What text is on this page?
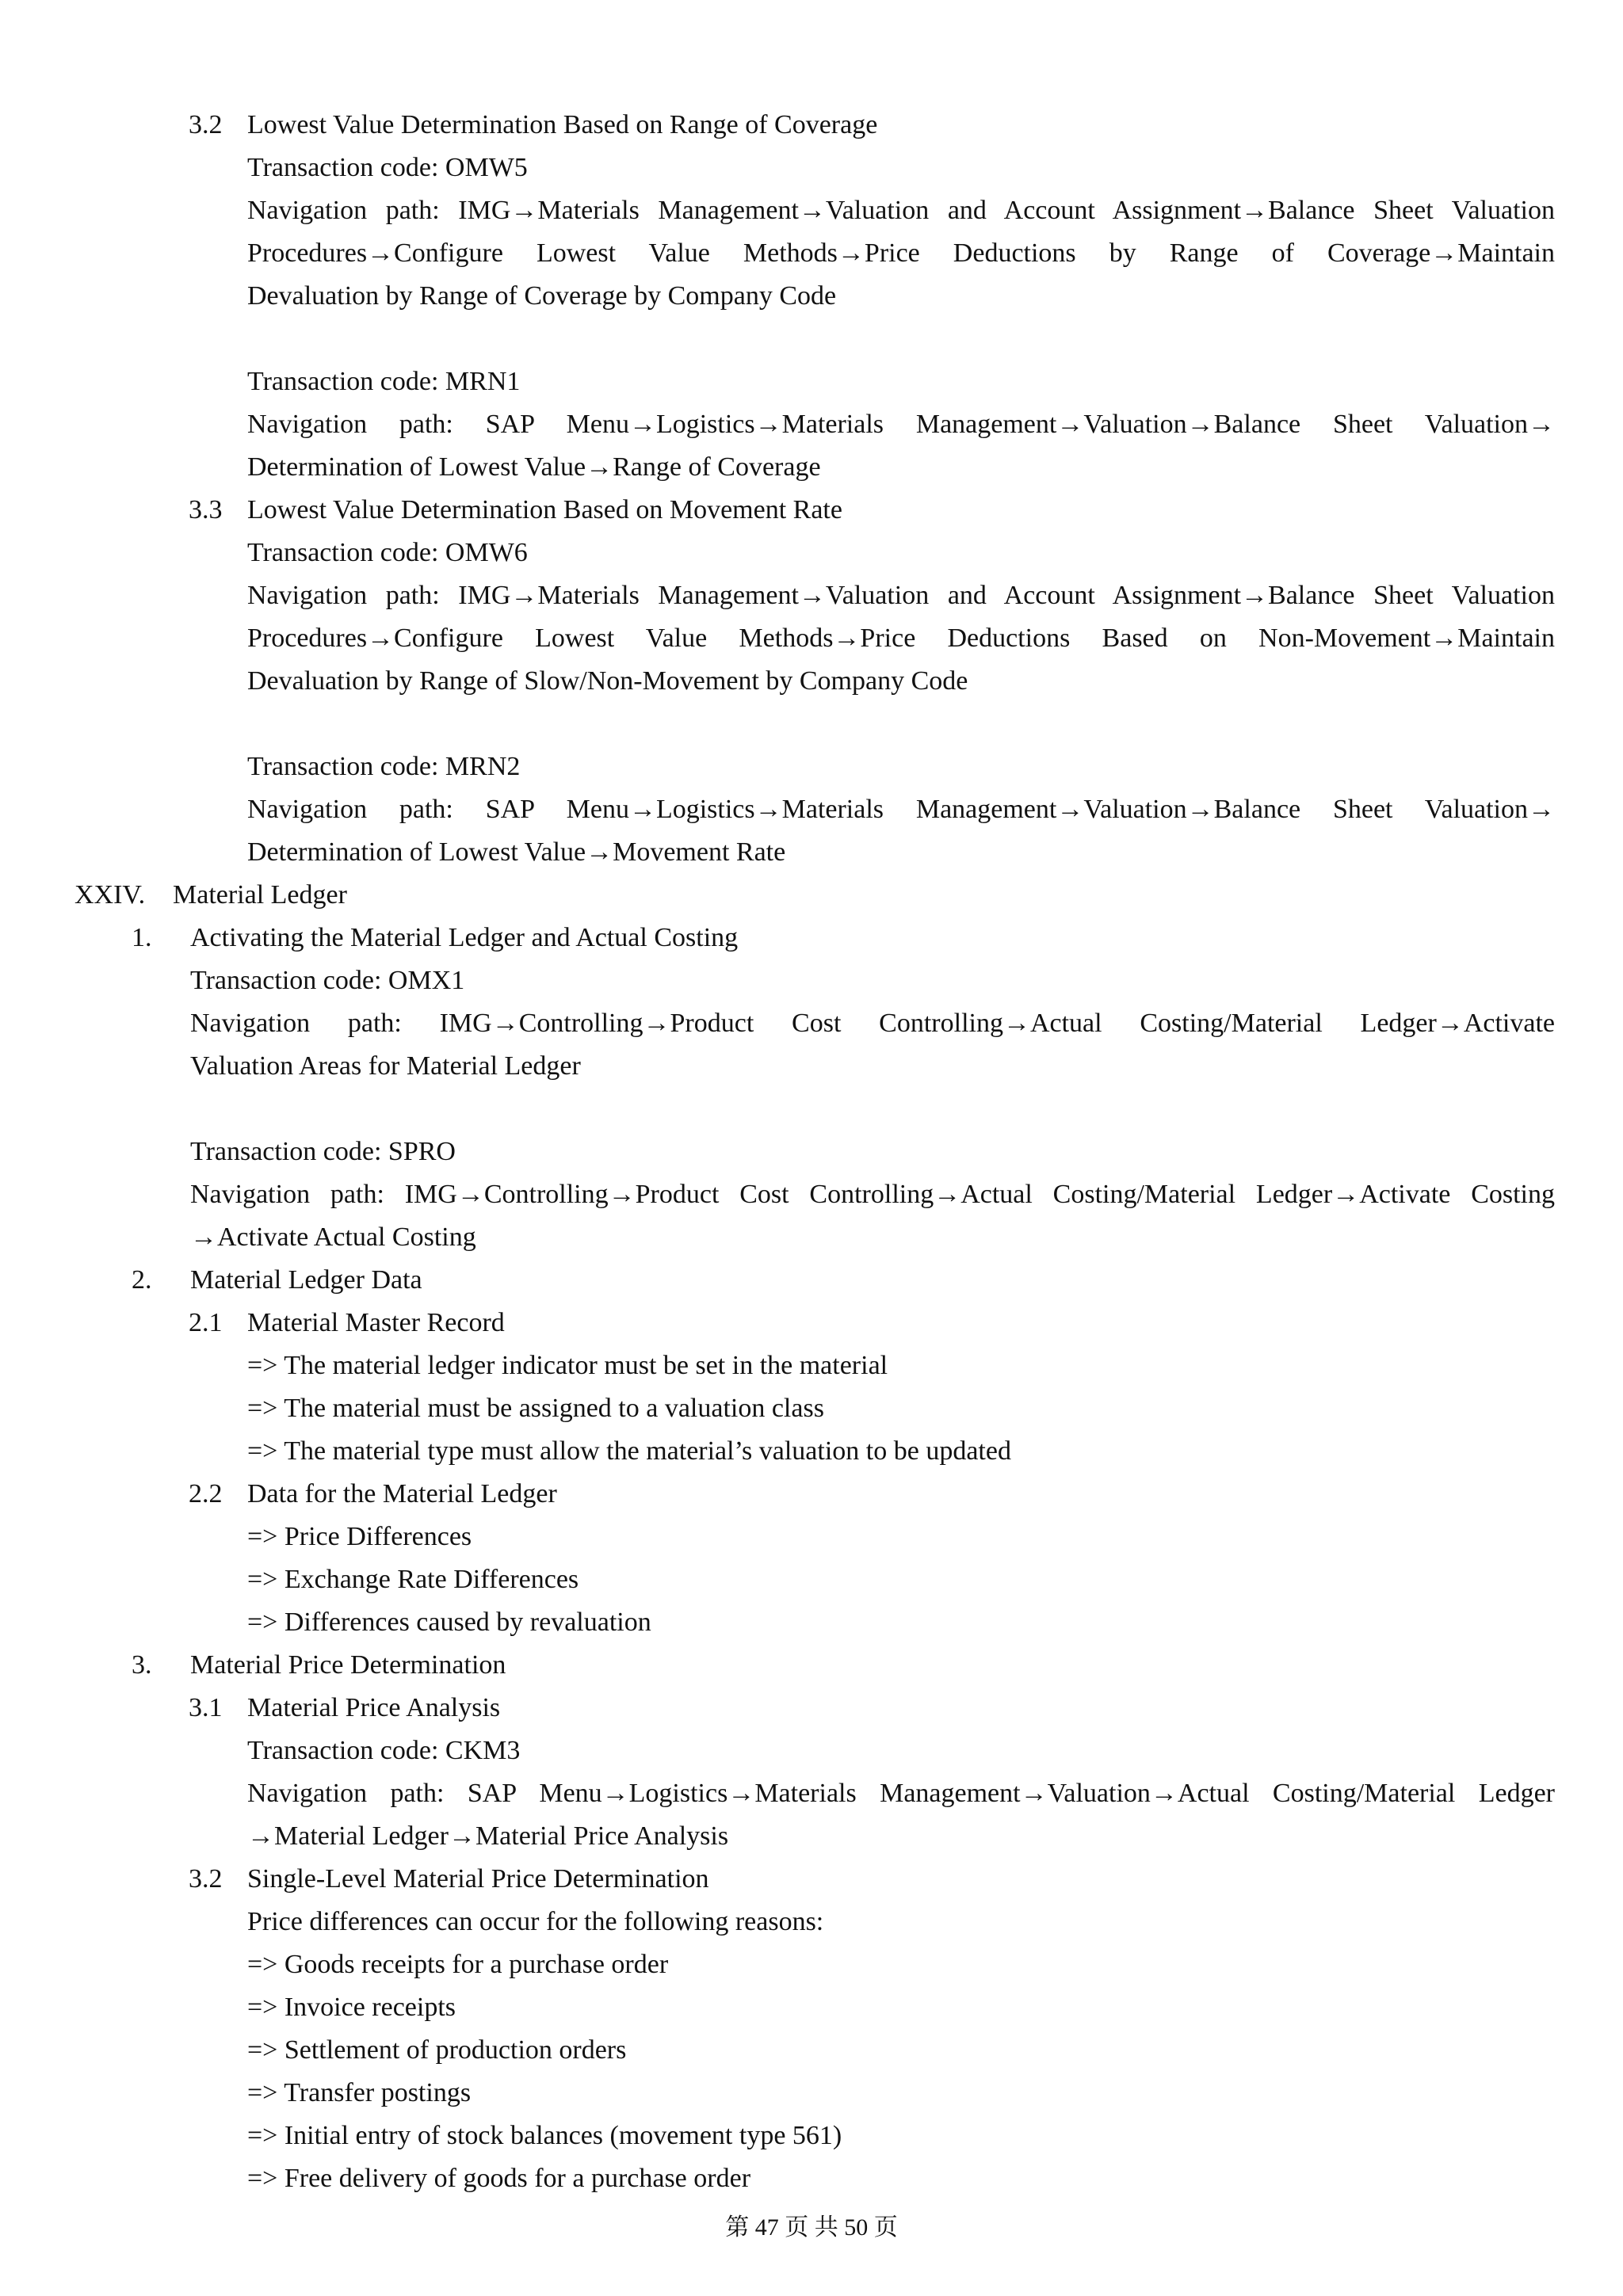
3.2 Lowest Value Determination Based on Range of Coverage
Transaction code: OMW5
Navigation path: IMG→Materials Management→Valuation and Account Assignment→Balance Sheet Valuation
Procedures→Configure Lowest Value Methods→Price Deductions by Range of Coverage→Maintain
Devaluation by Range of Coverage by Company Code
Transaction code: MRN1
Navigation path: SAP Menu→Logistics→Materials Management→Valuation→Balance Sheet Valuation→
Determination of Lowest Value→Range of Coverage
3.3 Lowest Value Determination Based on Movement Rate
Transaction code: OMW6
Navigation path: IMG→Materials Management→Valuation and Account Assignment→Balance Sheet Valuation
Procedures→Configure Lowest Value Methods→Price Deductions Based on Non-Movement→Maintain
Devaluation by Range of Slow/Non-Movement by Company Code
Transaction code: MRN2
Navigation path: SAP Menu→Logistics→Materials Management→Valuation→Balance Sheet Valuation→
Determination of Lowest Value→Movement Rate
XXIV. Material Ledger
1. Activating the Material Ledger and Actual Costing
Transaction code: OMX1
Navigation path: IMG→Controlling→Product Cost Controlling→Actual Costing/Material Ledger→Activate
Valuation Areas for Material Ledger
Transaction code: SPRO
Navigation path: IMG→Controlling→Product Cost Controlling→Actual Costing/Material Ledger→Activate Costing
→Activate Actual Costing
2. Material Ledger Data
2.1 Material Master Record
=> The material ledger indicator must be set in the material
=> The material must be assigned to a valuation class
=> The material type must allow the material’s valuation to be updated
2.2 Data for the Material Ledger
=> Price Differences
=> Exchange Rate Differences
=> Differences caused by revaluation
3. Material Price Determination
3.1 Material Price Analysis
Transaction code: CKM3
Navigation path: SAP Menu→Logistics→Materials Management→Valuation→Actual Costing/Material Ledger
→Material Ledger→Material Price Analysis
3.2 Single-Level Material Price Determination
Price differences can occur for the following reasons:
=> Goods receipts for a purchase order
=> Invoice receipts
=> Settlement of production orders
=> Transfer postings
=> Initial entry of stock balances (movement type 561)
=> Free delivery of goods for a purchase order
第 47 页 共 50 页
